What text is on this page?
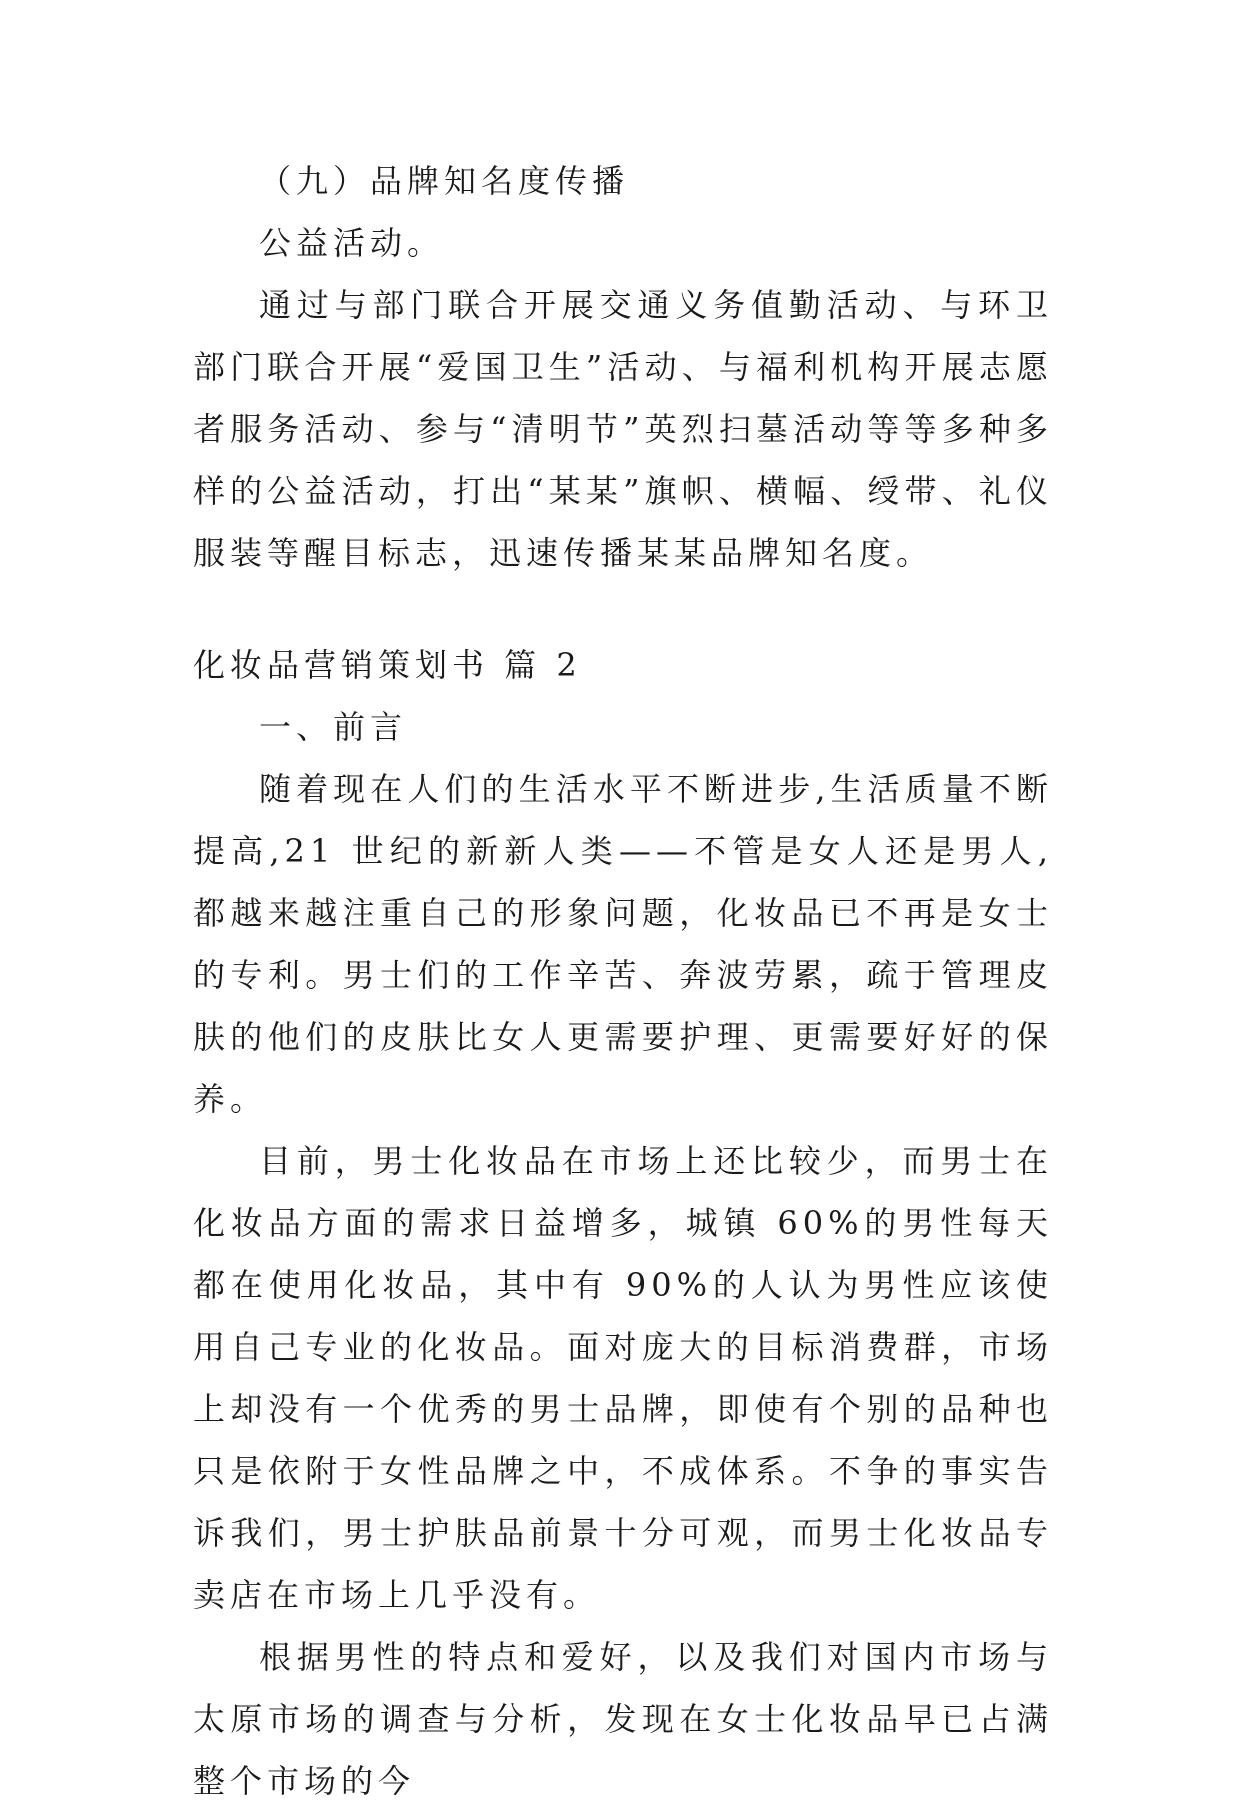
（九）品牌知名度传播

公益活动。

通过与部门联合开展交通义务值勤活动、与环卫部门联合开展“爱国卫生”活动、与福利机构开展志愿者服务活动、参与“清明节”英烈扫墓活动等等多种多样的公益活动，打出“某某”旗帜、横幅、绶带、礼仪服装等醒目标志，迅速传播某某品牌知名度。

化妆品营销策划书 篇 2

一、前言

随着现在人们的生活水平不断进步,生活质量不断提高,21 世纪的新新人类——不管是女人还是男人,都越来越注重自己的形象问题，化妆品已不再是女士的专利。男士们的工作辛苦、奔波劳累，疏于管理皮肤的他们的皮肤比女人更需要护理、更需要好好的保养。

目前，男士化妆品在市场上还比较少，而男士在化妆品方面的需求日益增多，城镇 60%的男性每天都在使用化妆品，其中有 90%的人认为男性应该使用自己专业的化妆品。面对庞大的目标消费群，市场上却没有一个优秀的男士品牌，即使有个别的品种也只是依附于女性品牌之中，不成体系。不争的事实告诉我们，男士护肤品前景十分可观，而男士化妆品专卖店在市场上几乎没有。

根据男性的特点和爱好，以及我们对国内市场与太原市场的调查与分析，发现在女士化妆品早已占满整个市场的今
